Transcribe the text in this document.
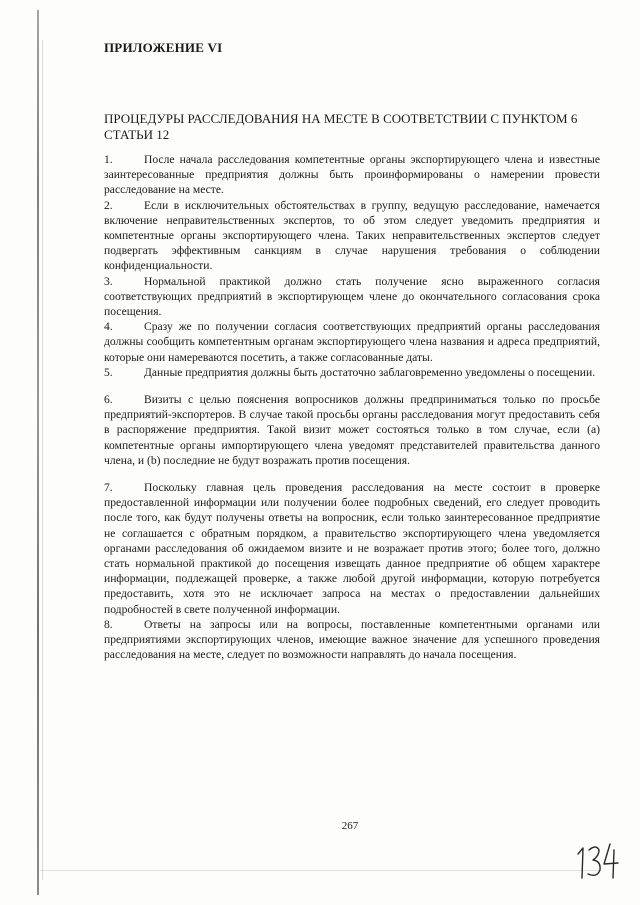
ПРИЛОЖЕНИЕ VI
ПРОЦЕДУРЫ РАССЛЕДОВАНИЯ НА МЕСТЕ В СООТВЕТСТВИИ С ПУНКТОМ 6 СТАТЬИ 12

1.	После начала расследования компетентные органы экспортирующего члена и известные заинтересованные предприятия должны быть проинформированы о намерении провести расследование на месте.

2.	Если в исключительных обстоятельствах в группу, ведущую расследование, намечается включение неправительственных экспертов, то об этом следует уведомить предприятия и компетентные органы экспортирующего члена. Таких неправительственных экспертов следует подвергать эффективным санкциям в случае нарушения требования о соблюдении конфиденциальности.

3.	Нормальной практикой должно стать получение ясно выраженного согласия соответствующих предприятий в экспортирующем члене до окончательного согласования срока посещения.

4.	Сразу же по получении согласия соответствующих предприятий органы расследования должны сообщить компетентным органам экспортирующего члена названия и адреса предприятий, которые они намереваются посетить, а также согласованные даты.

5.	Данные предприятия должны быть достаточно заблаговременно уведомлены о посещении.

6.	Визиты с целью пояснения вопросников должны предприниматься только по просьбе предприятий-экспортеров. В случае такой просьбы органы расследования могут предоставить себя в распоряжение предприятия. Такой визит может состояться только в том случае, если (a) компетентные органы импортирующего члена уведомят представителей правительства данного члена, и (b) последние не будут возражать против посещения.

7.	Поскольку главная цель проведения расследования на месте состоит в проверке предоставленной информации или получении более подробных сведений, его следует проводить после того, как будут получены ответы на вопросник, если только заинтересованное предприятие не соглашается с обратным порядком, а правительство экспортирующего члена уведомляется органами расследования об ожидаемом визите и не возражает против этого; более того, должно стать нормальной практикой до посещения извещать данное предприятие об общем характере информации, подлежащей проверке, а также любой другой информации, которую потребуется предоставить, хотя это не исключает запроса на местах о предоставлении дальнейших подробностей в свете полученной информации.

8.	Ответы на запросы или на вопросы, поставленные компетентными органами или предприятиями экспортирующих членов, имеющие важное значение для успешного проведения расследования на месте, следует по возможности направлять до начала посещения.

267
